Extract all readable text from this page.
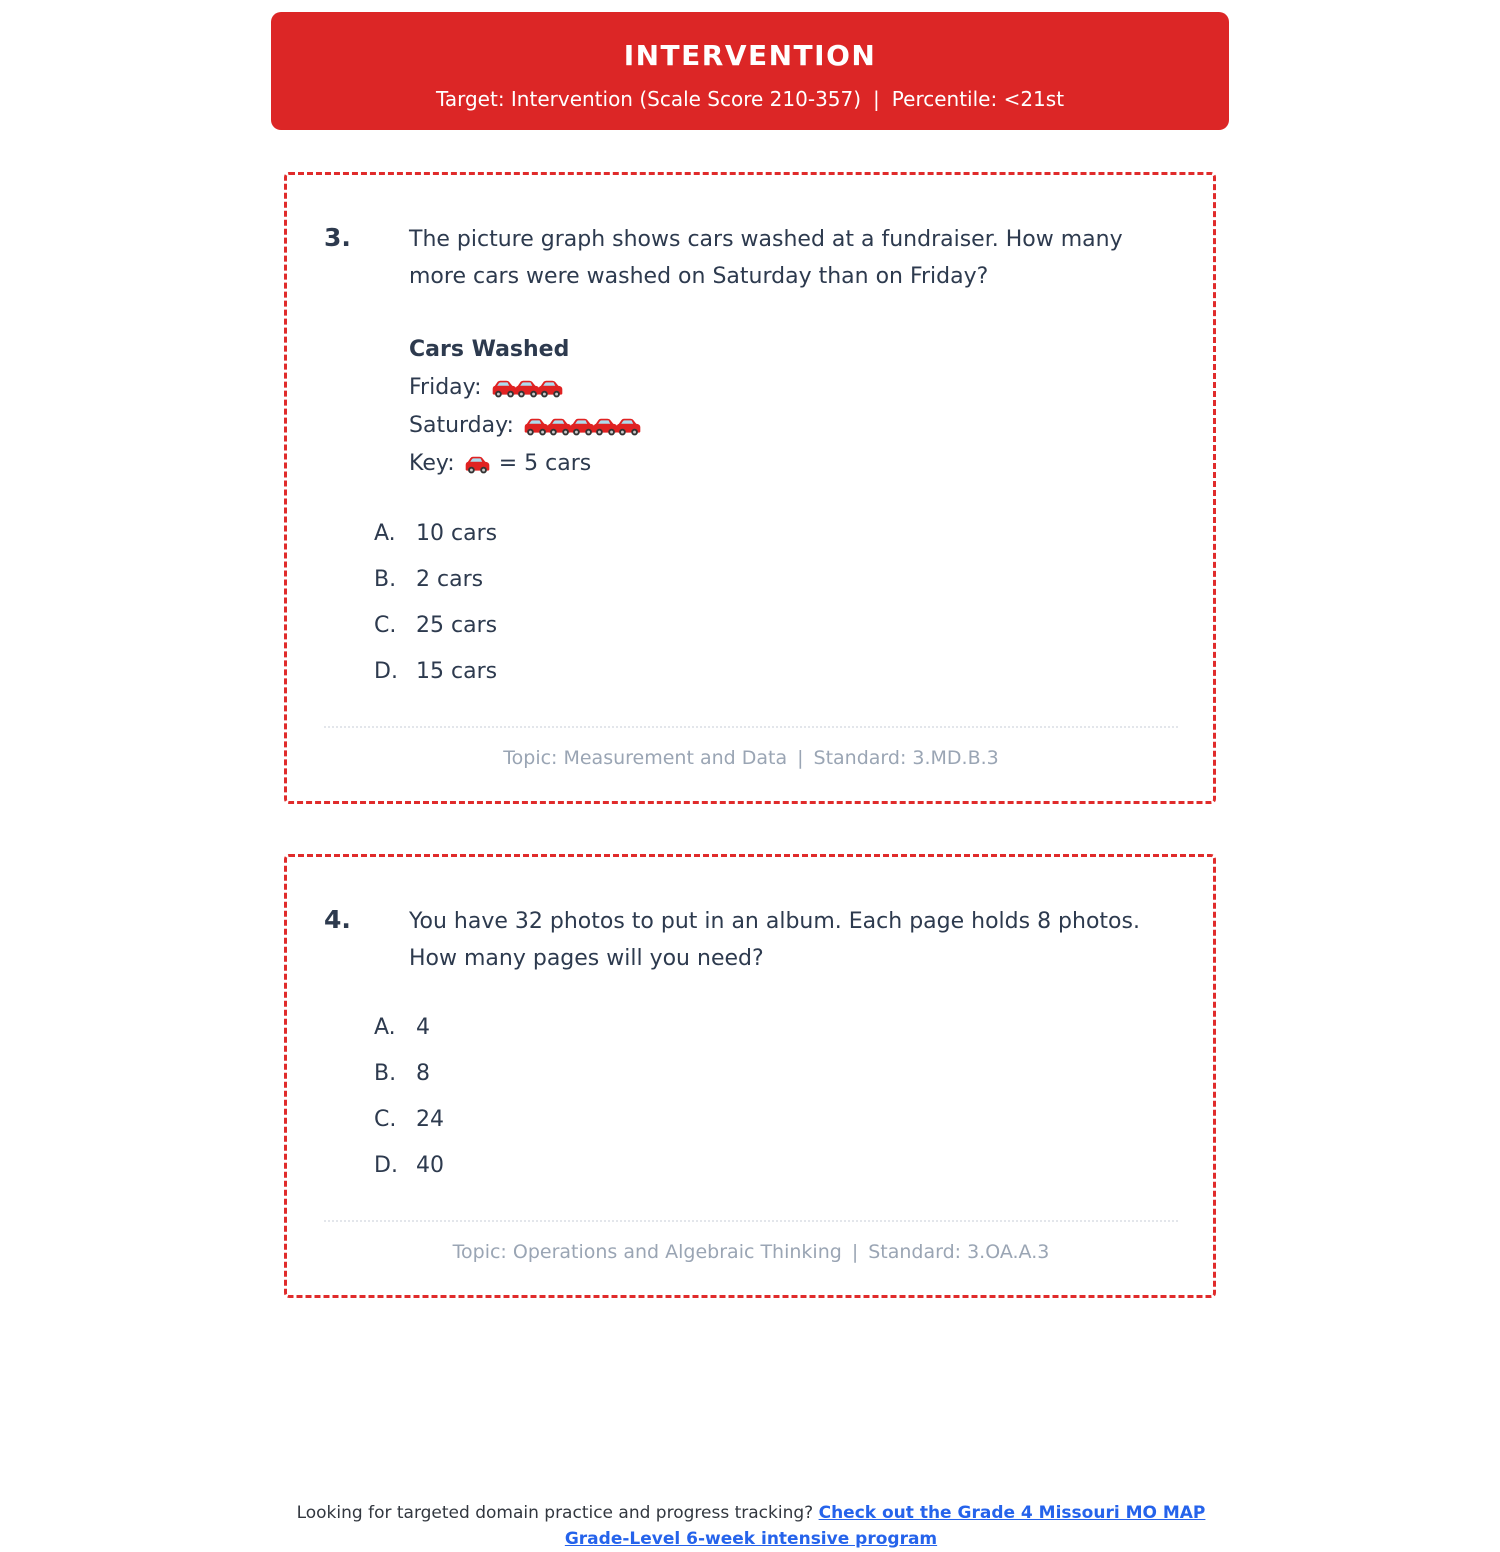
INTERVENTION
Target: Intervention (Scale Score 210-357) | Percentile: <21st
3.	The picture graph shows cars washed at a fundraiser. How many more cars were washed on Saturday than on Friday?
Cars Washed
Friday:
Saturday:
Key: = 5 cars
A. 10 cars
B. 2 cars
C. 25 cars
D. 15 cars
Topic: Measurement and Data | Standard: 3.MD.B.3
4.	You have 32 photos to put in an album. Each page holds 8 photos. How many pages will you need?
A. 4
B. 8
C. 24
D. 40
Topic: Operations and Algebraic Thinking | Standard: 3.OA.A.3
Looking for targeted domain practice and progress tracking? Check out the Grade 4 Missouri MO MAP Grade-Level 6-week intensive program
